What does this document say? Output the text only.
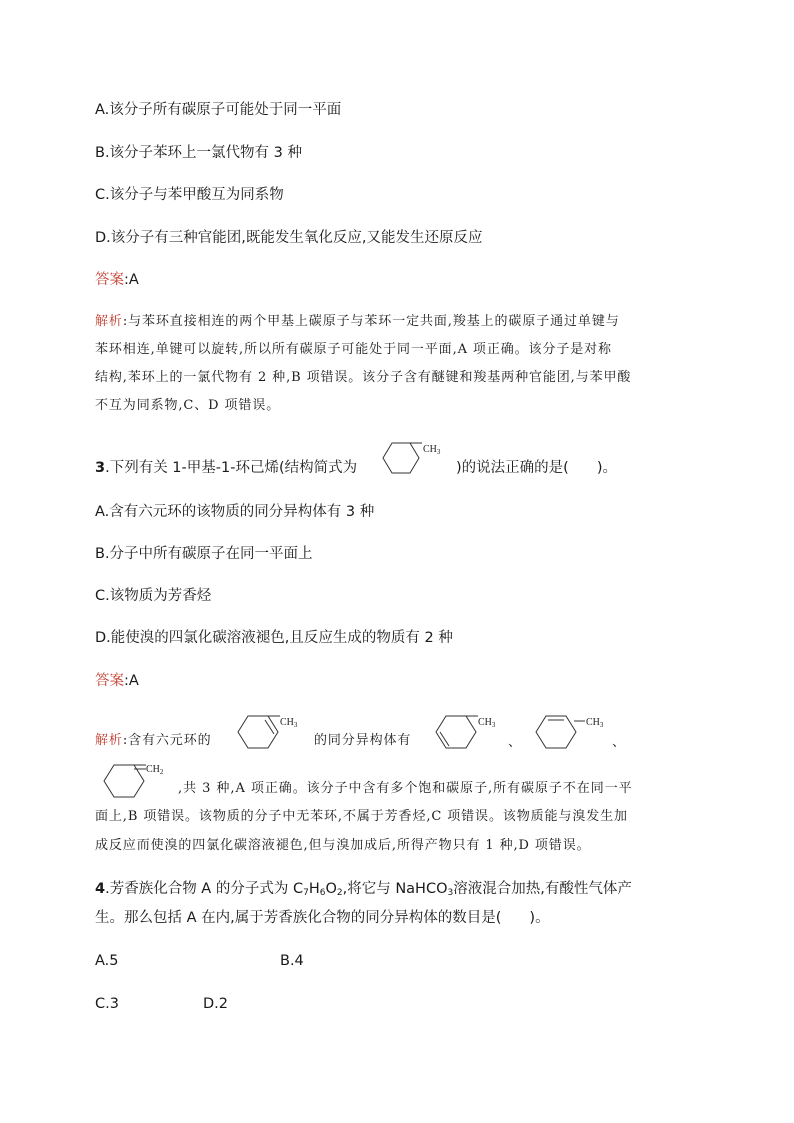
A.该分子所有碳原子可能处于同一平面
B.该分子苯环上一氯代物有 3 种
C.该分子与苯甲酸互为同系物
D.该分子有三种官能团,既能发生氧化反应,又能发生还原反应
答案:A
解析:与苯环直接相连的两个甲基上碳原子与苯环一定共面,羧基上的碳原子通过单键与
苯环相连,单键可以旋转,所以所有碳原子可能处于同一平面,A 项正确。该分子是对称
结构,苯环上的一氯代物有 2 种,B 项错误。该分子含有醚键和羧基两种官能团,与苯甲酸
不互为同系物,C、D 项错误。
3.下列有关 1-甲基-1-环己烯(结构简式为
$CH_3$
)的说法正确的是( )。
A.含有六元环的该物质的同分异构体有 3 种
B.分子中所有碳原子在同一平面上
C.该物质为芳香烃
D.能使溴的四氯化碳溶液褪色,且反应生成的物质有 2 种
答案:A
解析:含有六元环的
$CH_3$
的同分异构体有
$CH_3$
、
$CH_3$
、
$CH_2$
,共 3 种,A 项正确。该分子中含有多个饱和碳原子,所有碳原子不在同一平
面上,B 项错误。该物质的分子中无苯环,不属于芳香烃,C 项错误。该物质能与溴发生加
成反应而使溴的四氯化碳溶液褪色,但与溴加成后,所得产物只有 1 种,D 项错误。
4.芳香族化合物 A 的分子式为 $C_7H_6O_2$,将它与 NaHCO$_3$溶液混合加热,有酸性气体产
生。那么包括 A 在内,属于芳香族化合物的同分异构体的数目是( )。
A.5	B.4
C.3	D.2
